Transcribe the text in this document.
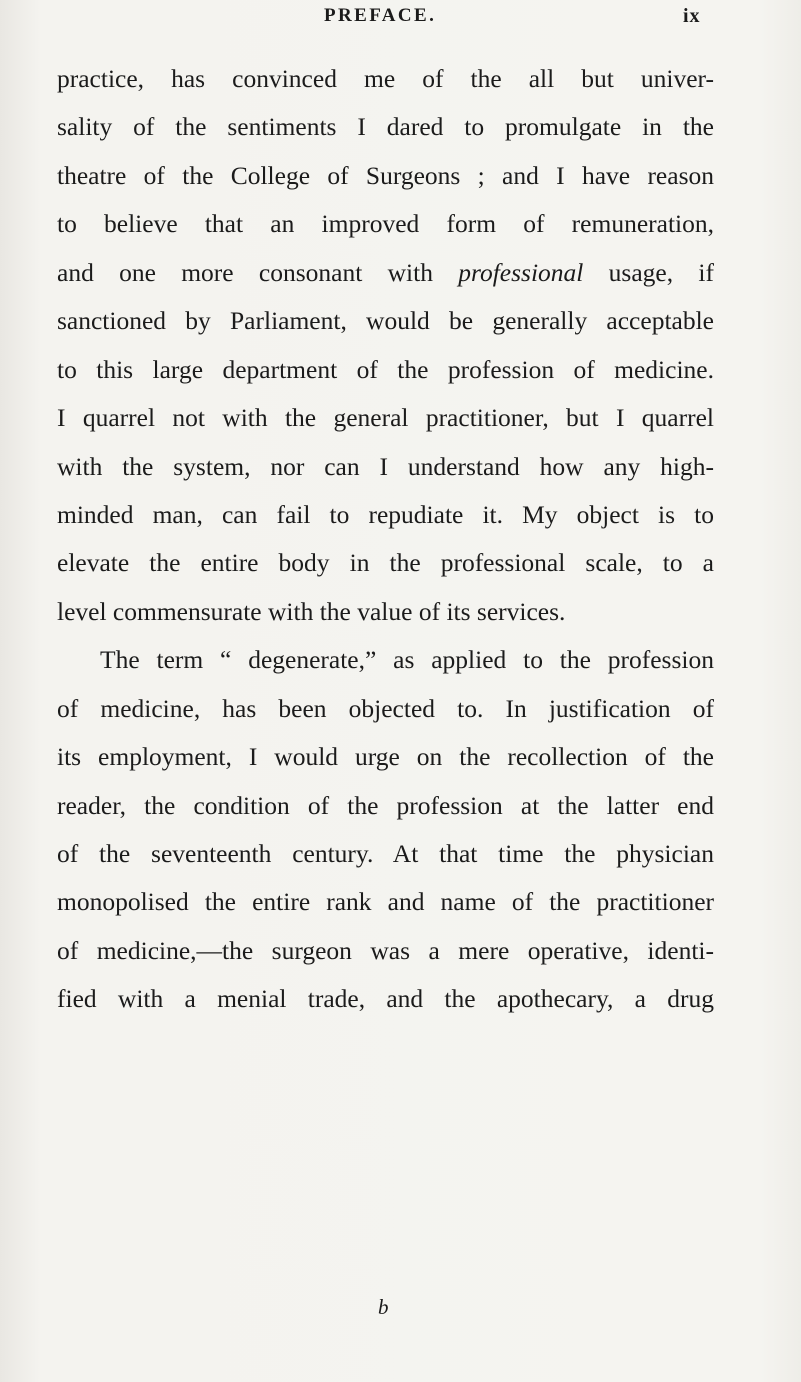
PREFACE.	ix
practice, has convinced me of the all but univer-
sality of the sentiments I dared to promulgate in the
theatre of the College of Surgeons ; and I have reason
to believe that an improved form of remuneration,
and one more consonant with professional usage, if
sanctioned by Parliament, would be generally acceptable
to this large department of the profession of medicine.
I quarrel not with the general practitioner, but I quarrel
with the system, nor can I understand how any high-
minded man, can fail to repudiate it. My object is to
elevate the entire body in the professional scale, to a
level commensurate with the value of its services.
The term “ degenerate,” as applied to the profession
of medicine, has been objected to. In justification of
its employment, I would urge on the recollection of the
reader, the condition of the profession at the latter end
of the seventeenth century. At that time the physician
monopolised the entire rank and name of the practitioner
of medicine,—the surgeon was a mere operative, identi-
fied with a menial trade, and the apothecary, a drug
b
